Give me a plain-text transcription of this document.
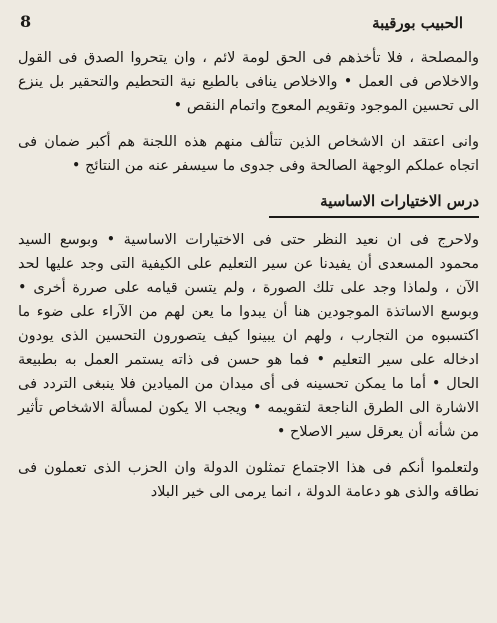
8	الحبيب بورقيبة

والمصلحة ، فلا تأخذهم فى الحق لومة لائم ، وان يتحروا الصدق فى القول والاخلاص فى العمل • والاخلاص ينافى بالطبع نية التحطيم والتحقير بل ينزع الى تحسين الموجود وتقويم المعوج واتمام النقص •

وانى اعتقد ان الاشخاص الذين تتألف منهم هذه اللجنة هم أكبر ضمان فى اتجاه عملكم الوجهة الصالحة وفى جدوى ما سيسفر عنه من النتائج •

درس الاختيارات الاساسية

ولاحرج فى ان نعيد النظر حتى فى الاختيارات الاساسية • وبوسع السيد محمود المسعدى أن يفيدنا عن سير التعليم على الكيفية التى وجد عليها لحد الآن ، ولماذا وجد على تلك الصورة ، ولم يتسن قيامه على صررة أخرى • وبوسع الاساتذة الموجودين هنا أن يبدوا ما يعن لهم من الآراء على ضوء ما اكتسبوه من التجارب ، ولهم ان يبينوا كيف يتصورون التحسين الذى يودون ادخاله على سير التعليم • فما هو حسن فى ذاته يستمر العمل به بطبيعة الحال • أما ما يمكن تحسينه فى أى ميدان من الميادين فلا ينبغى التردد فى الاشارة الى الطرق الناجعة لتقويمه • ويجب الا يكون لمسألة الاشخاص تأثير من شأنه أن يعرقل سير الاصلاح •

ولتعلموا أنكم فى هذا الاجتماع تمثلون الدولة وان الحزب الذى تعملون فى نطاقه والذى هو دعامة الدولة ، انما يرمى الى خير البلاد
